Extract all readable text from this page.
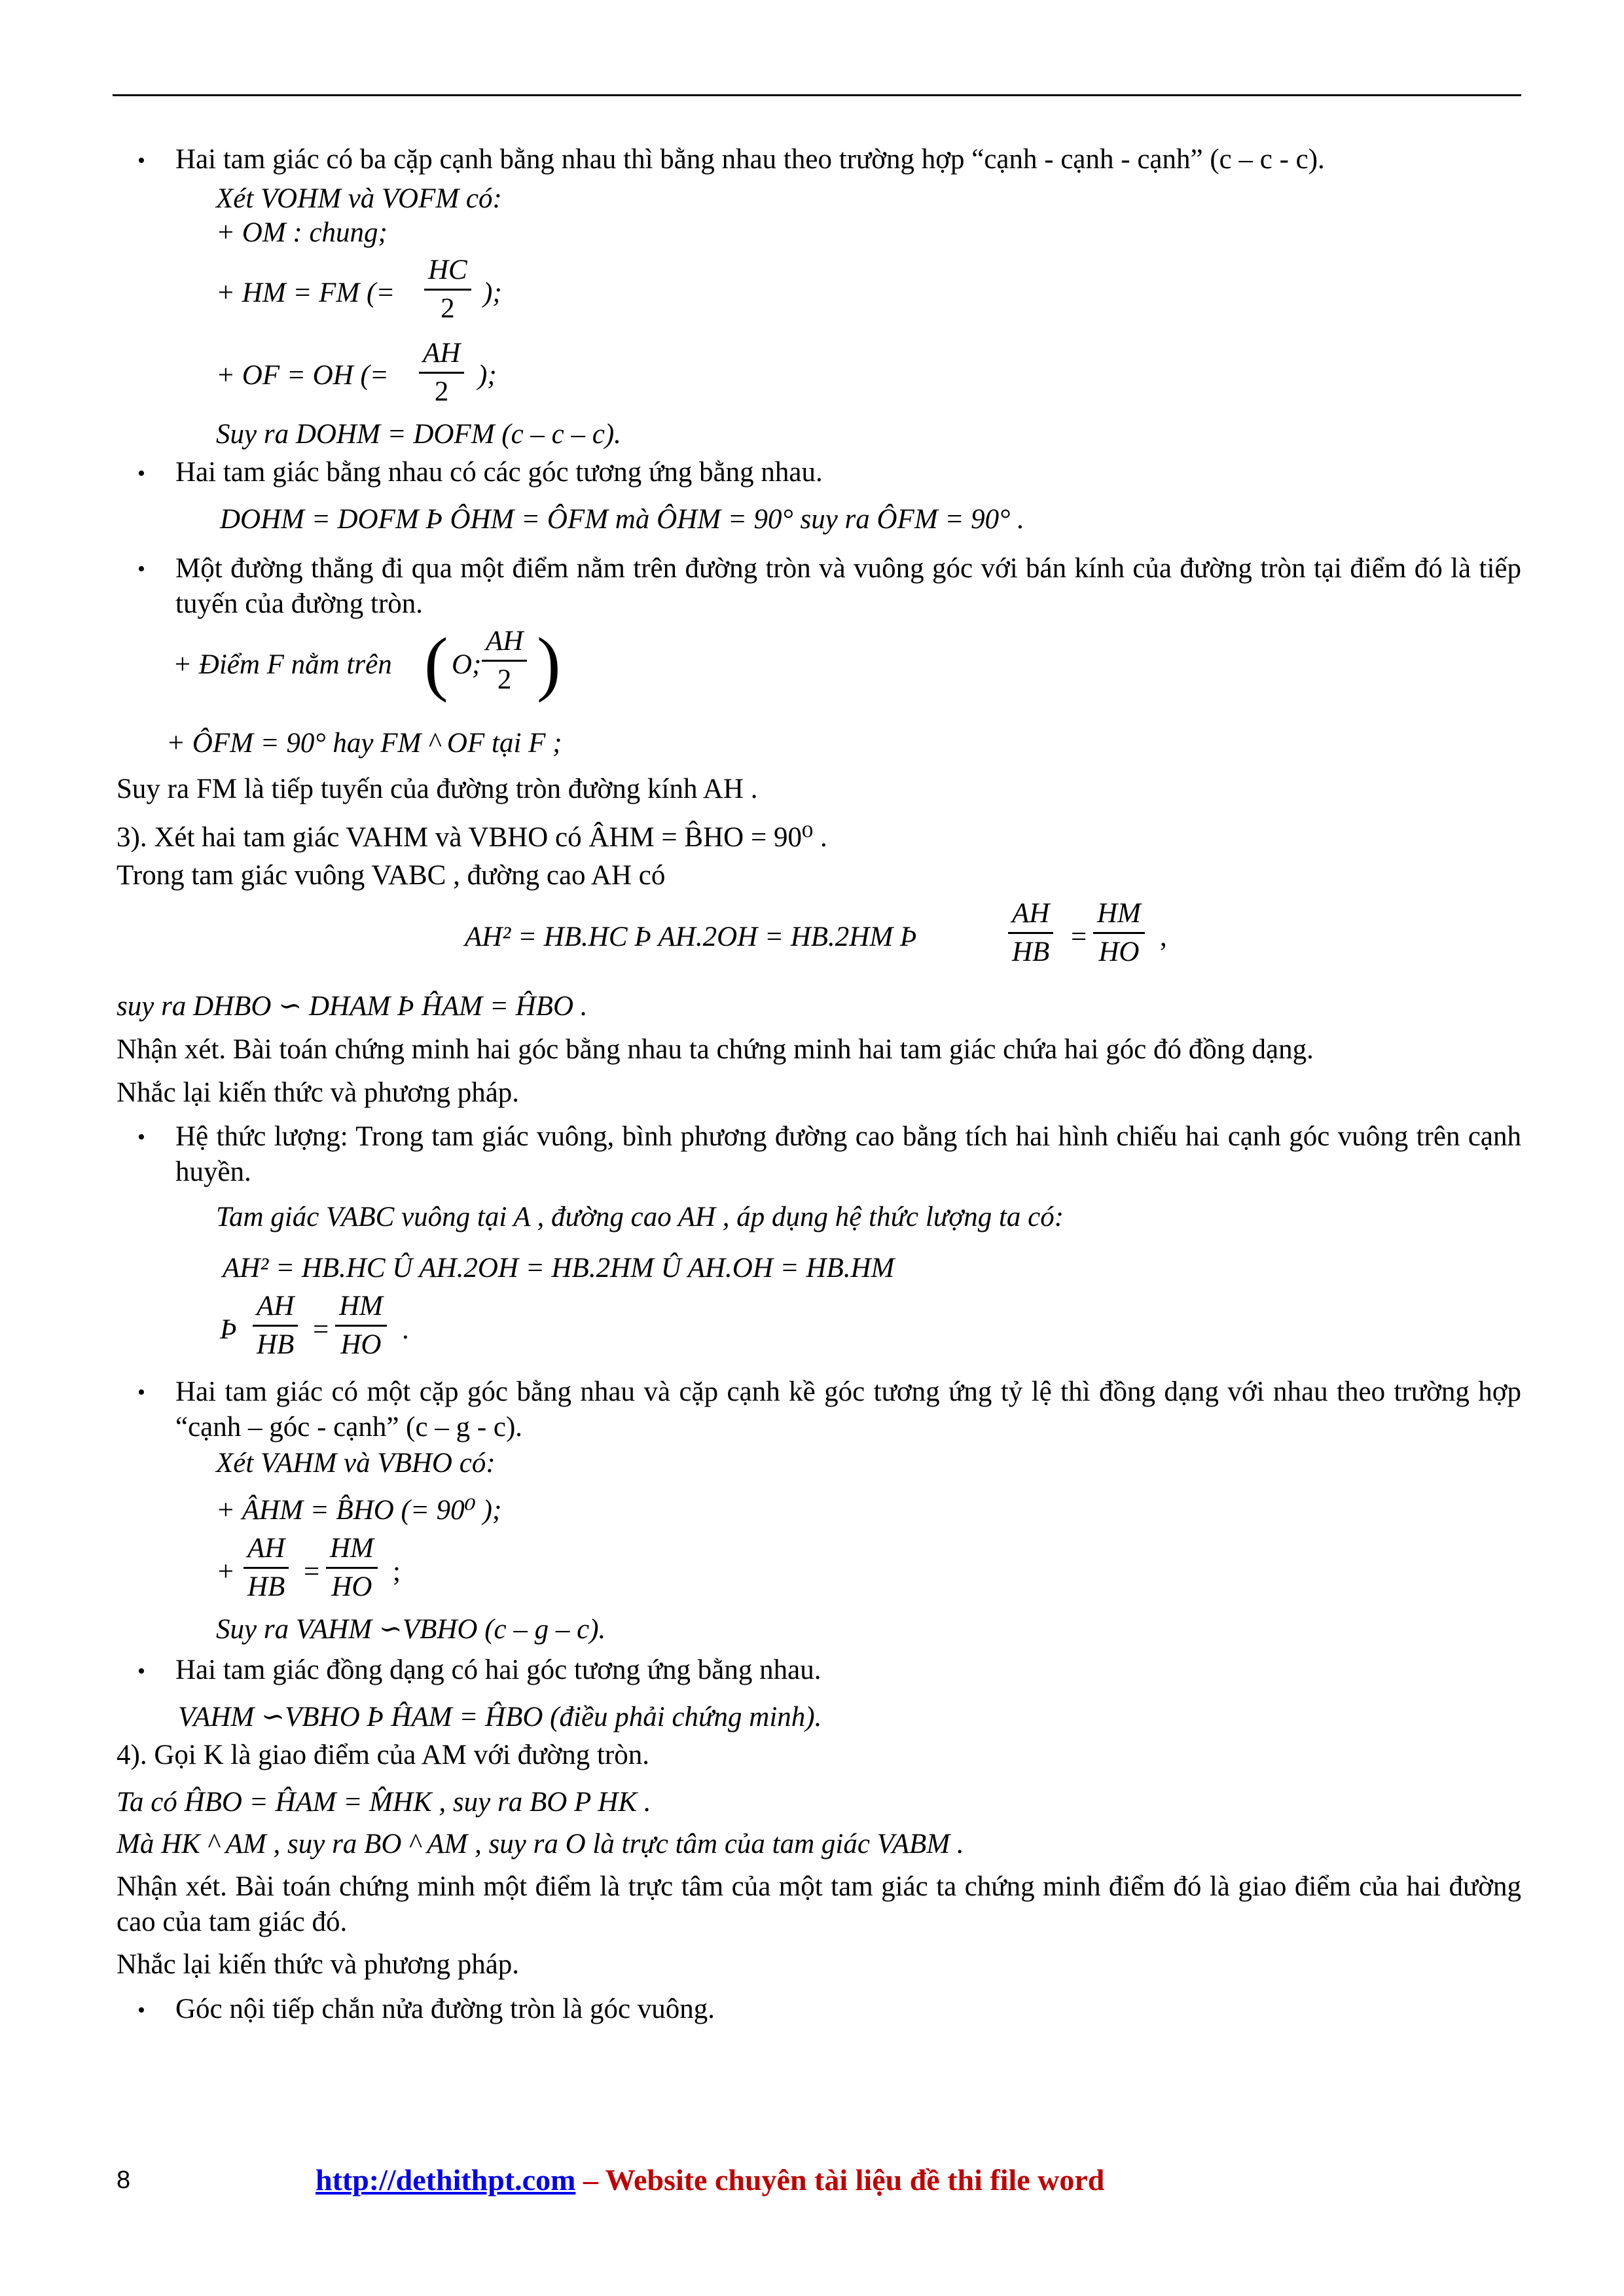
• Hai tam giác có ba cặp cạnh bằng nhau thì bằng nhau theo trường hợp “cạnh - cạnh - cạnh” (c – c - c).
Xét VOHM và VOFM có:
+ OM : chung;
+ HM = FM (=
HC
2
);
+ OF = OH (=
AH
2
);
Suy ra DOHM = DOFM (c – c – c).
• Hai tam giác bằng nhau có các góc tương ứng bằng nhau.
DOHM = DOFM Þ ÔHM = ÔFM mà ÔHM = 90° suy ra ÔFM = 90° .
• Một đường thẳng đi qua một điểm nằm trên đường tròn và vuông góc với bán kính của đường tròn tại điểm đó là tiếp tuyến của đường tròn.
+ Điểm F nằm trên ( O;
AH
2 )
+ ÔFM = 90° hay FM ^ OF tại F ;
Suy ra FM là tiếp tuyến của đường tròn đường kính AH .
3). Xét hai tam giác VAHM và VBHO có ÂHM = B̂HO = 90⁰ .
Trong tam giác vuông VABC , đường cao AH có
AH² = HB.HC Þ AH.2OH = HB.2HM Þ
AH
HB =
HM
HO ,
suy ra DHBO ∽ DHAM Þ ĤAM = ĤBO .
Nhận xét. Bài toán chứng minh hai góc bằng nhau ta chứng minh hai tam giác chứa hai góc đó đồng dạng.
Nhắc lại kiến thức và phương pháp.
• Hệ thức lượng: Trong tam giác vuông, bình phương đường cao bằng tích hai hình chiếu hai cạnh góc vuông trên cạnh huyền.
Tam giác VABC vuông tại A , đường cao AH , áp dụng hệ thức lượng ta có:
AH² = HB.HC Û AH.2OH = HB.2HM Û AH.OH = HB.HM
Þ
AH
HB =
HM
HO .
• Hai tam giác có một cặp góc bằng nhau và cặp cạnh kề góc tương ứng tỷ lệ thì đồng dạng với nhau theo trường hợp “cạnh – góc - cạnh” (c – g - c).
Xét VAHM và VBHO có:
+ ÂHM = B̂HO (= 90⁰ );
+
AH
HB =
HM
HO ;
Suy ra VAHM ∽VBHO (c – g – c).
• Hai tam giác đồng dạng có hai góc tương ứng bằng nhau.
VAHM ∽VBHO Þ ĤAM = ĤBO (điều phải chứng minh).
4). Gọi K là giao điểm của AM với đường tròn.
Ta có ĤBO = ĤAM = M̂HK , suy ra BO P HK .
Mà HK ^ AM , suy ra BO ^ AM , suy ra O là trực tâm của tam giác VABM .
Nhận xét. Bài toán chứng minh một điểm là trực tâm của một tam giác ta chứng minh điểm đó là giao điểm của hai đường cao của tam giác đó.
Nhắc lại kiến thức và phương pháp.
• Góc nội tiếp chắn nửa đường tròn là góc vuông.
8	http://dethithpt.com – Website chuyên tài liệu đề thi file word
